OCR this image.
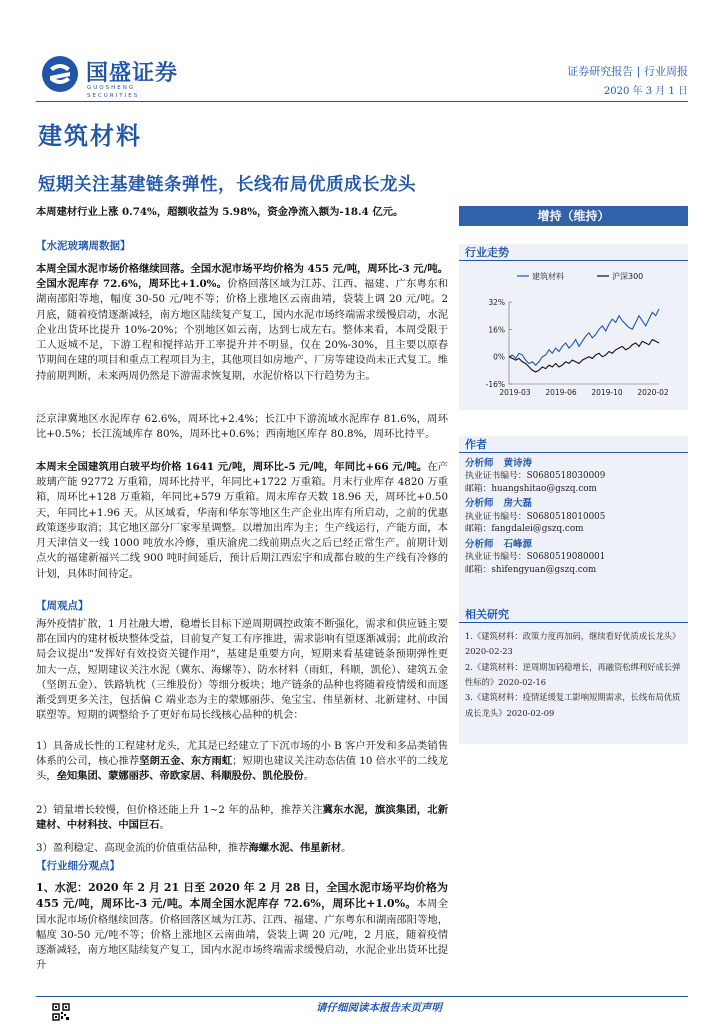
国盛证券
GUOSHENG SECURITIES
证券研究报告 | 行业周报
2020 年 3 月 1 日
建筑材料
短期关注基建链条弹性，长线布局优质成长龙头
本周建材行业上涨 0.74%，超额收益为 5.98%，资金净流入额为-18.4 亿元。
【水泥玻璃周数据】
本周全国水泥市场价格继续回落。全国水泥市场平均价格为 455 元/吨，周环比-3 元/吨。全国水泥库存 72.6%，周环比+1.0%。价格回落区域为江苏、江西、福建、广东粤东和湖南邵阳等地，幅度 30-50 元/吨不等；价格上涨地区云南曲靖，袋装上调 20 元/吨。2 月底，随着疫情逐渐减轻，南方地区陆续复产复工，国内水泥市场终端需求缓慢启动，水泥企业出货环比提升 10%-20%；个别地区如云南，达到七成左右。整体来看，本周受限于工人返城不足，下游工程和搅拌站开工率提升并不明显，仅在 20%-30%，且主要以原春节期间在建的项目和重点工程项目为主，其他项目如房地产、厂房等建设尚未正式复工。维持前期判断，未来两周仍然是下游需求恢复期，水泥价格以下行趋势为主。
泛京津冀地区水泥库存 62.6%，周环比+2.4%；长江中下游流域水泥库存 81.6%，周环比+0.5%；长江流域库存 80%，周环比+0.6%；西南地区库存 80.8%，周环比持平。
本周末全国建筑用白玻平均价格 1641 元/吨，周环比-5 元/吨，年同比+66 元/吨。在产玻璃产能 92772 万重箱，周环比持平，年同比+1722 万重箱。月末行业库存 4820 万重箱，周环比+128 万重箱，年同比+579 万重箱。周末库存天数 18.96 天，周环比+0.50 天，年同比+1.96 天。从区域看，华南和华东等地区生产企业出库有所启动，之前的优惠政策逐步取消；其它地区部分厂家零星调整。以增加出库为主；生产线运行，产能方面，本月天津信义一线 1000 吨放水冷修，重庆渝虎二线前期点火之后已经正常生产。前期计划点火的福建新福兴二线 900 吨时间延后，预计后期江西宏宇和成都台玻的生产线有冷修的计划，具体时间待定。
【周观点】
海外疫情扩散，1 月社融大增，稳增长目标下逆周期调控政策不断强化，需求和供应链主要都在国内的建材板块整体受益，目前复产复工有序推进，需求影响有望逐渐减弱；此前政治局会议提出“发挥好有效投资关键作用”，基建是重要方向，短期来看基建链条预期弹性更加大一点，短期建议关注水泥（冀东、海螺等）、防水材料（雨虹，科顺，凯伦）、建筑五金（坚朗五金）、铁路轨枕（三维股份）等细分板块；地产链条的品种也将随着疫情缓和而逐渐受到更多关注，包括偏 C 端业态为主的蒙娜丽莎、兔宝宝、伟星新材、北新建材、中国联塑等。短期的调整给予了更好布局长线核心品种的机会：
1）具备成长性的工程建材龙头，尤其是已经建立了下沉市场的小 B 客户开发和多品类销售体系的公司，核心推荐坚朗五金、东方雨虹；短期也建议关注动态估值 10 倍水平的二线龙头，垒知集团、蒙娜丽莎、帝欧家居、科顺股份、凯伦股份。
2）销量增长较慢，但价格还能上升 1~2 年的品种，推荐关注冀东水泥，旗滨集团，北新建材、中材科技、中国巨石。
3）盈利稳定、高现金流的价值重估品种，推荐海螺水泥、伟星新材。
【行业细分观点】
1、水泥：2020 年 2 月 21 日至 2020 年 2 月 28 日，全国水泥市场平均价格为 455 元/吨，周环比-3 元/吨。本周全国水泥库存 72.6%，周环比+1.0%。本周全国水泥市场价格继续回落。价格回落区域为江苏、江西、福建、广东粤东和湖南邵阳等地，幅度 30-50 元/吨不等；价格上涨地区云南曲靖，袋装上调 20 元/吨，2 月底，随着疫情逐渐减轻，南方地区陆续复产复工，国内水泥市场终端需求缓慢启动，水泥企业出货环比提升
增持（维持）
行业走势
32%
16%
0%
-16%
2019-03 2019-06 2019-10 2020-02
建筑材料	沪深300
作者
分析师 黄诗涛
执业证书编号：S0680518030009
邮箱：huangshitao@gszq.com
分析师 房大磊
执业证书编号：S0680518010005
邮箱：fangdalei@gszq.com
分析师 石峰源
执业证书编号：S0680519080001
邮箱：shifengyuan@gszq.com
相关研究
1.《建筑材料：政策力度再加码，继续看好优质成长龙头》2020-02-23
2.《建筑材料：逆周期加码稳增长，再融资松绑利好成长弹性标的》2020-02-16
3.《建筑材料：疫情延缓复工影响短期需求，长线布局优质成长龙头》2020-02-09
请仔细阅读本报告末页声明
